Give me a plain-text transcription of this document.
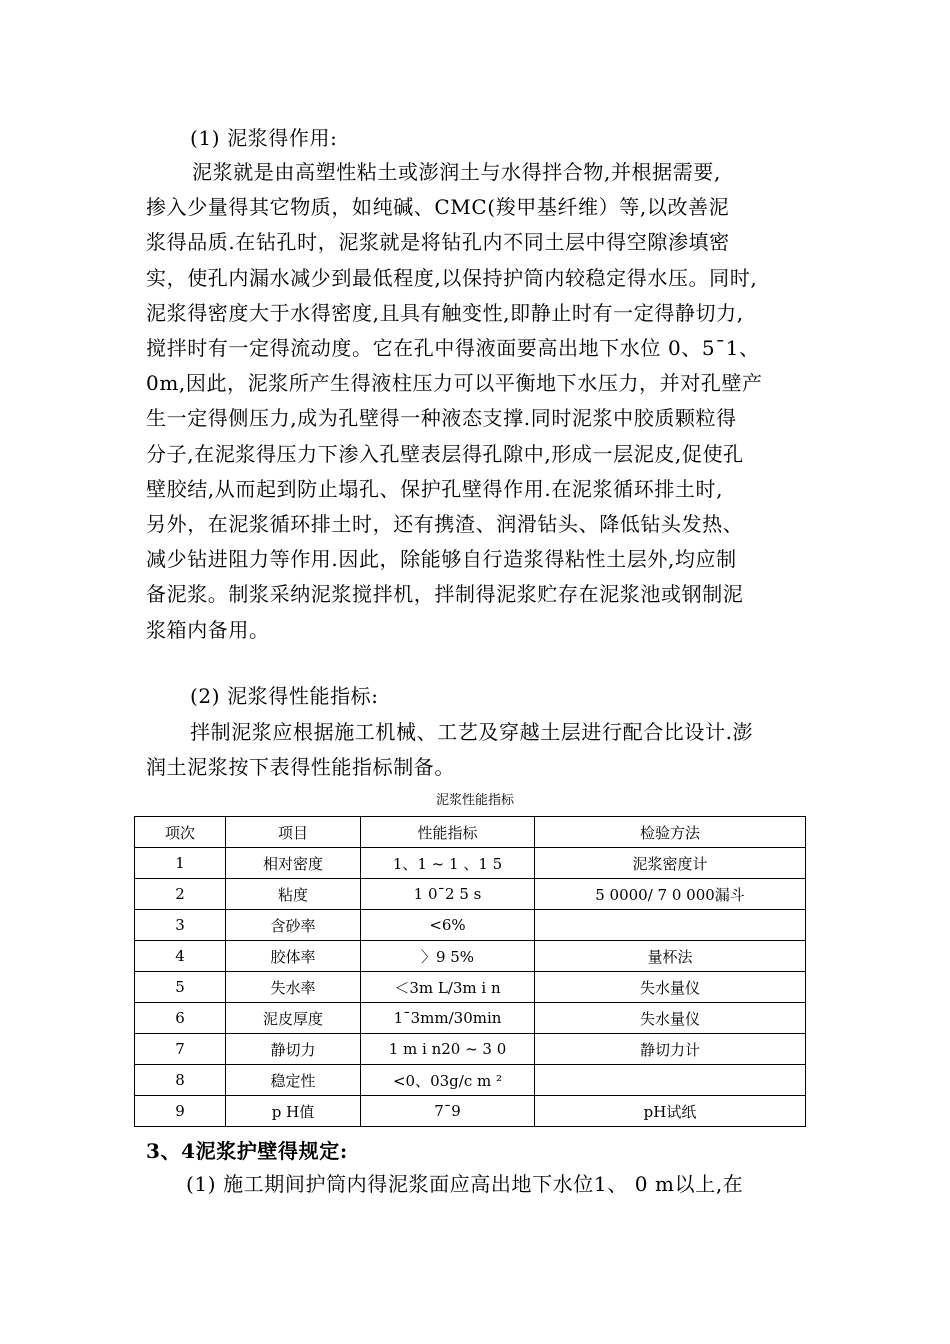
(1) 泥浆得作用:
泥浆就是由高塑性粘土或澎润土与水得拌合物,并根据需要,
掺入少量得其它物质，如纯碱、CMC(羧甲基纤维）等,以改善泥
浆得品质.在钻孔时，泥浆就是将钻孔内不同土层中得空隙渗填密
实，使孔内漏水减少到最低程度,以保持护筒内较稳定得水压。同时,
泥浆得密度大于水得密度,且具有触变性,即静止时有一定得静切力,
搅拌时有一定得流动度。它在孔中得液面要高出地下水位 0、5¯1、
0m,因此，泥浆所产生得液柱压力可以平衡地下水压力，并对孔壁产
生一定得侧压力,成为孔壁得一种液态支撑.同时泥浆中胶质颗粒得
分子,在泥浆得压力下渗入孔壁表层得孔隙中,形成一层泥皮,促使孔
壁胶结,从而起到防止塌孔、保护孔壁得作用.在泥浆循环排土时,
另外，在泥浆循环排土时，还有携渣、润滑钻头、降低钻头发热、
减少钻进阻力等作用.因此，除能够自行造浆得粘性土层外,均应制
备泥浆。制浆采纳泥浆搅拌机，拌制得泥浆贮存在泥浆池或钢制泥
浆箱内备用。
(2) 泥浆得性能指标:
拌制泥浆应根据施工机械、工艺及穿越土层进行配合比设计.澎
润土泥浆按下表得性能指标制备。
泥浆性能指标
项次	项目	性能指标	检验方法
1	相对密度	1、1 ~ 1 、1 5	泥浆密度计
2	粘度	1 0¯2 5 s	5 0000/ 7 0 000漏斗
3	含砂率	<6%	
4	胶体率	〉9 5%	量杯法
5	失水率	＜3m L/3m i n	失水量仪
6	泥皮厚度	1¯3mm/30min	失水量仪
7	静切力	1 m i n20 ~ 3 0	静切力计
8	稳定性	<0、03g/c m ²	
9	p H值	7¯9	pH试纸
3、4泥浆护壁得规定:
(1) 施工期间护筒内得泥浆面应高出地下水位1、 0 m以上,在
